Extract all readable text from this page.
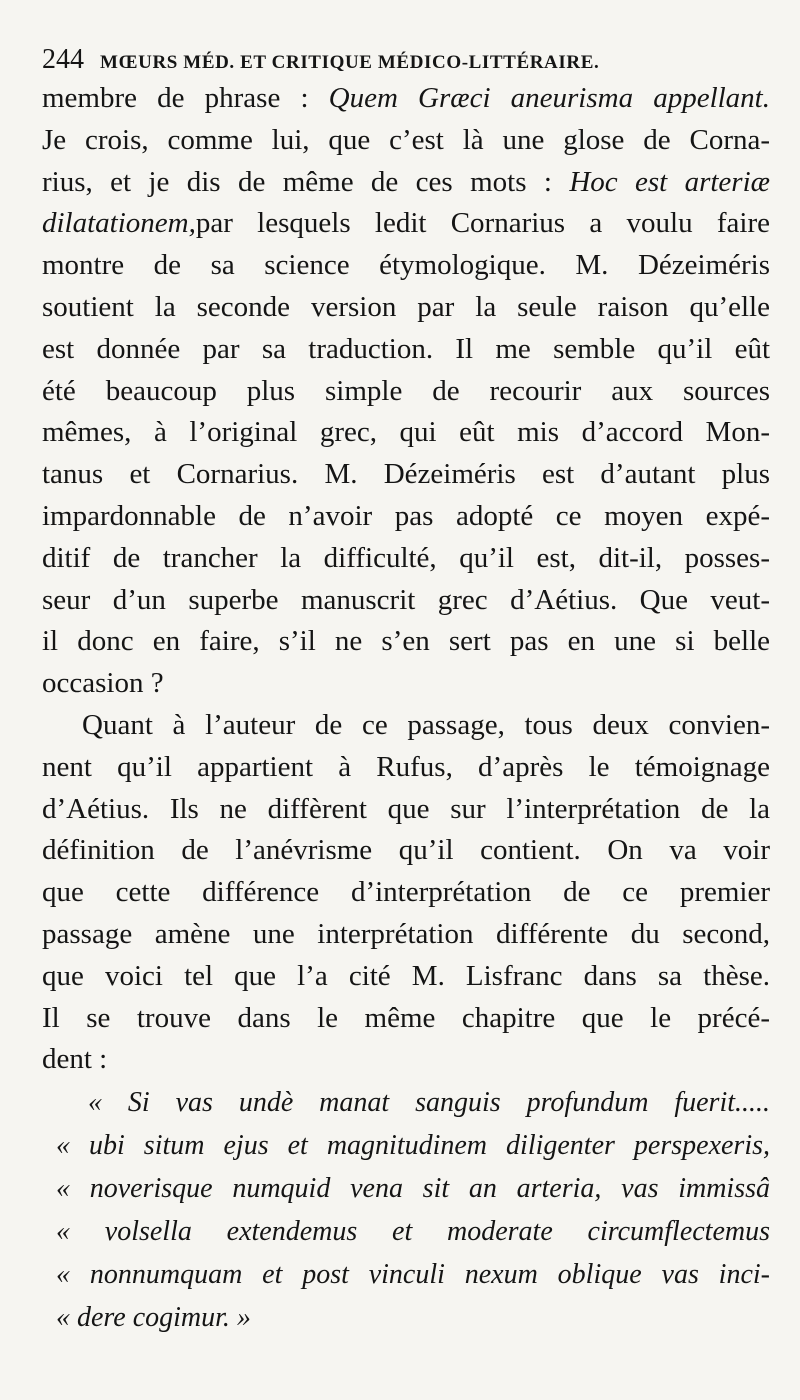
244 MŒURS MÉD. ET CRITIQUE MÉDICO-LITTÉRAIRE.
membre de phrase : Quem Græci aneurisma appellant.
Je crois, comme lui, que c’est là une glose de Corna-
rius, et je dis de même de ces mots : Hoc est arteriæ
dilatationem,par lesquels ledit Cornarius a voulu faire
montre de sa science étymologique. M. Dézeiméris
soutient la seconde version par la seule raison qu’elle
est donnée par sa traduction. Il me semble qu’il eût
été beaucoup plus simple de recourir aux sources
mêmes, à l’original grec, qui eût mis d’accord Mon-
tanus et Cornarius. M. Dézeiméris est d’autant plus
impardonnable de n’avoir pas adopté ce moyen expé-
ditif de trancher la difficulté, qu’il est, dit-il, posses-
seur d’un superbe manuscrit grec d’Aétius. Que veut-
il donc en faire, s’il ne s’en sert pas en une si belle
occasion ?
Quant à l’auteur de ce passage, tous deux convien-
nent qu’il appartient à Rufus, d’après le témoignage
d’Aétius. Ils ne diffèrent que sur l’interprétation de la
définition de l’anévrisme qu’il contient. On va voir
que cette différence d’interprétation de ce premier
passage amène une interprétation différente du second,
que voici tel que l’a cité M. Lisfranc dans sa thèse.
Il se trouve dans le même chapitre que le précé-
dent :
« Si vas undè manat sanguis profundum fuerit.....
« ubi situm ejus et magnitudinem diligenter perspexeris,
« noverisque numquid vena sit an arteria, vas immissâ
« volsella extendemus et moderate circumflectemus
« nonnumquam et post vinculi nexum oblique vas inci-
« dere cogimur. »
